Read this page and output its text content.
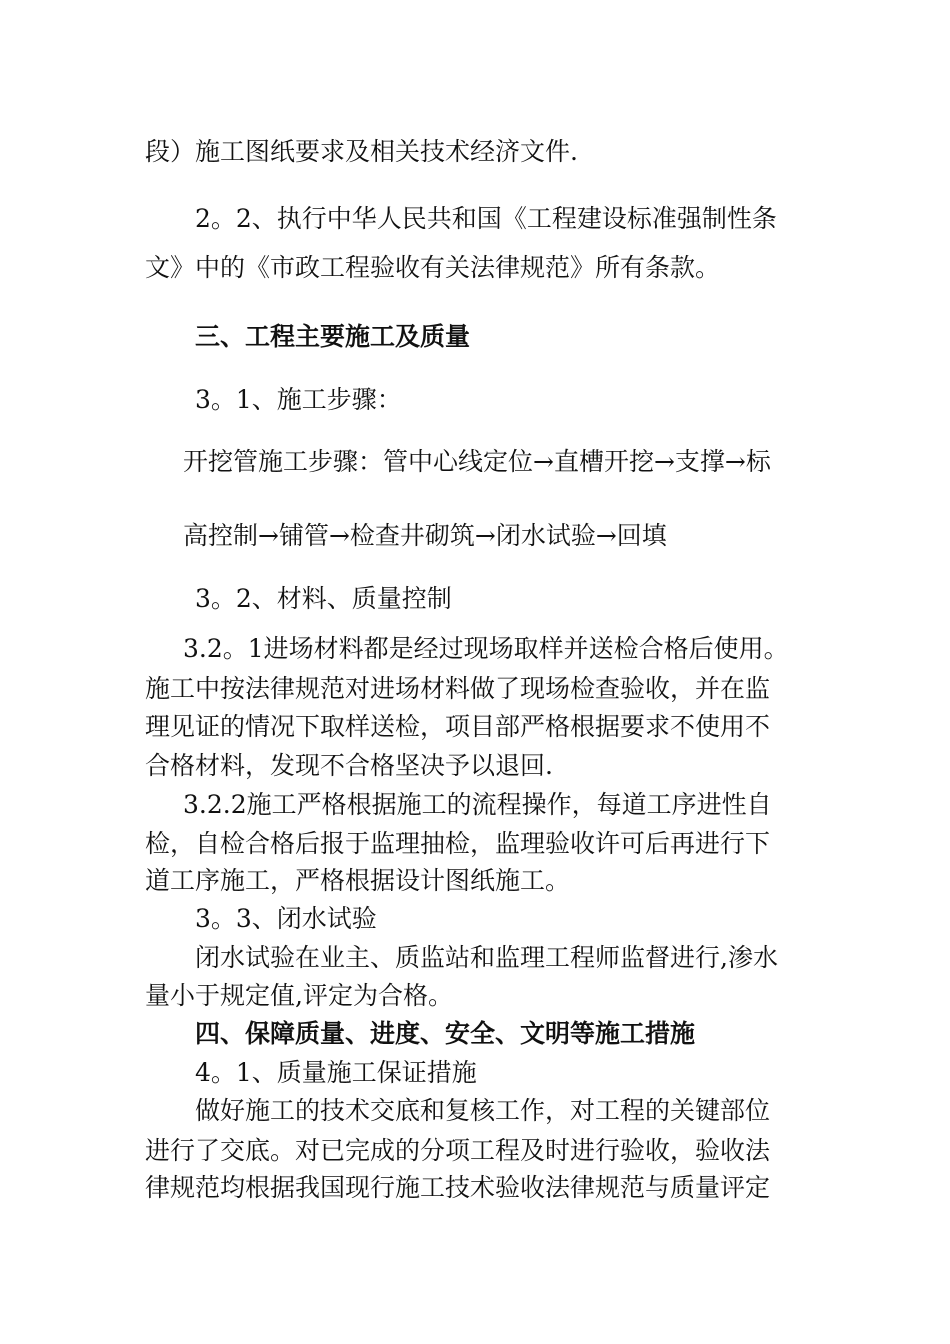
段）施工图纸要求及相关技术经济文件.
2。2、执行中华人民共和国《工程建设标准强制性条
文》中的《市政工程验收有关法律规范》所有条款。
三、工程主要施工及质量
3。1、施工步骤：
开挖管施工步骤：管中心线定位→直槽开挖→支撑→标
高控制→铺管→检查井砌筑→闭水试验→回填
3。2、材料、质量控制
3.2。1进场材料都是经过现场取样并送检合格后使用。
施工中按法律规范对进场材料做了现场检查验收，并在监
理见证的情况下取样送检，项目部严格根据要求不使用不
合格材料，发现不合格坚决予以退回.
3.2.2施工严格根据施工的流程操作，每道工序进性自
检，自检合格后报于监理抽检，监理验收许可后再进行下
道工序施工，严格根据设计图纸施工。
3。3、闭水试验
闭水试验在业主、质监站和监理工程师监督进行,渗水
量小于规定值,评定为合格。
四、保障质量、进度、安全、文明等施工措施
4。1、质量施工保证措施
做好施工的技术交底和复核工作，对工程的关键部位
进行了交底。对已完成的分项工程及时进行验收，验收法
律规范均根据我国现行施工技术验收法律规范与质量评定
